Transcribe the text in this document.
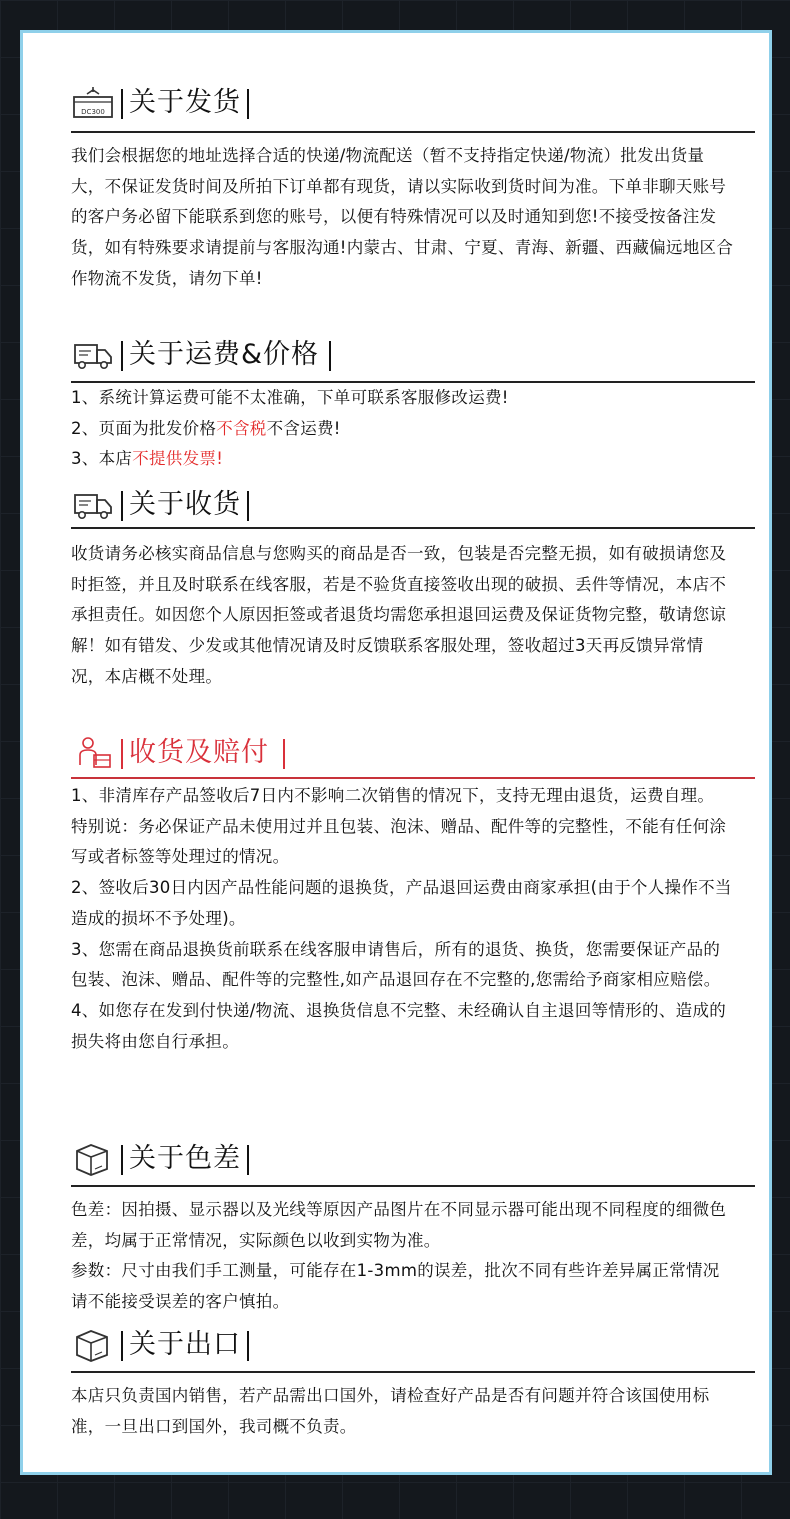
DC300 关于发货

我们会根据您的地址选择合适的快递/物流配送（暂不支持指定快递/物流）批发出货量大，不保证发货时间及所拍下订单都有现货，请以实际收到货时间为准。下单非聊天账号的客户务必留下能联系到您的账号，以便有特殊情况可以及时通知到您!不接受按备注发货，如有特殊要求请提前与客服沟通!内蒙古、甘肃、宁夏、青海、新疆、西藏偏远地区合作物流不发货，请勿下单!

关于运费&价格

1、系统计算运费可能不太准确，下单可联系客服修改运费!

2、页面为批发价格不含税不含运费!

3、本店不提供发票!

关于收货

收货请务必核实商品信息与您购买的商品是否一致，包装是否完整无损，如有破损请您及时拒签，并且及时联系在线客服，若是不验货直接签收出现的破损、丢件等情况，本店不承担责任。如因您个人原因拒签或者退货均需您承担退回运费及保证货物完整，敬请您谅解！如有错发、少发或其他情况请及时反馈联系客服处理，签收超过3天再反馈异常情况，本店概不处理。

收货及赔付

1、非清库存产品签收后7日内不影响二次销售的情况下，支持无理由退货，运费自理。

特别说：务必保证产品未使用过并且包装、泡沫、赠品、配件等的完整性，不能有任何涂写或者标签等处理过的情况。

2、签收后30日内因产品性能问题的退换货，产品退回运费由商家承担(由于个人操作不当造成的损坏不予处理)。

3、您需在商品退换货前联系在线客服申请售后，所有的退货、换货，您需要保证产品的包装、泡沫、赠品、配件等的完整性,如产品退回存在不完整的,您需给予商家相应赔偿。

4、如您存在发到付快递/物流、退换货信息不完整、未经确认自主退回等情形的、造成的损失将由您自行承担。

关于色差

色差：因拍摄、显示器以及光线等原因产品图片在不同显示器可能出现不同程度的细微色差，均属于正常情况，实际颜色以收到实物为准。

参数：尺寸由我们手工测量，可能存在1-3mm的误差，批次不同有些许差异属正常情况请不能接受误差的客户慎拍。

关于出口

本店只负责国内销售，若产品需出口国外，请检查好产品是否有问题并符合该国使用标准，一旦出口到国外，我司概不负责。
